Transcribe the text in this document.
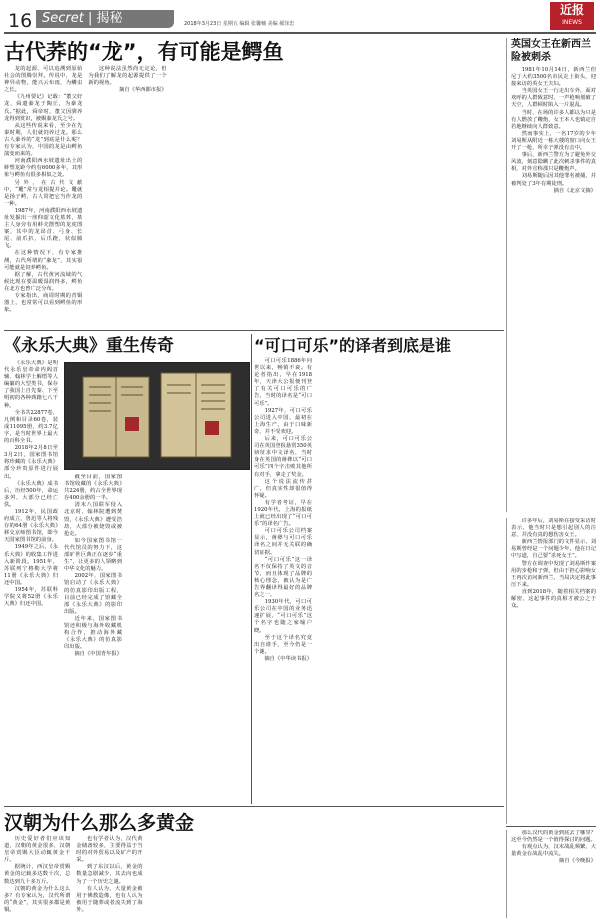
16 Secret | 揭秘	2018年3月23日 星期五 编辑 张馨楠 美编 郝泽忠
近报
INEWS
古代荞的“龙”，有可能是鳄鱼

龙的起源，可以追溯到原始社会的图腾崇拜。传说中，龙是神异动物，能兴云布雨，为鳞虫之长。

《九州要记》记载：“董父好龙，舜遣豢龙于陶丘，为豢龙氏。”据此，舜帝时，董父因驯养龙得到赏识，被赐豢龙氏之号。

从这些传说来看，至少在先秦时期，人们就饲养过龙。那么古人豢养的“龙”到底是什么呢？有专家认为，中国的龙是由鳄鱼演变而来的。

河南濮阳西水坡遗址出土的蚌塑龙距今约有6000多年，其形象与鳄鱼有很多相似之处。

另外，在古代文献中，“鼍”常与龙相提并论。鼍就是扬子鳄，古人常把它当作龙的一种。

1987年，河南濮阳西水坡遗址发掘出一座仰韶文化墓葬，墓主人身旁有用蚌壳摆塑的龙虎图案，其中的龙昂首、弓身、长尾、前爪扒、后爪蹬，状似腾飞。

在这种情况下，有专家推测，古代所谓的“豢龙”，其实很可能就是饲养鳄鱼。

据了解，古代黄河流域的气候比现在要温暖湿润得多，鳄鱼在北方也曾广泛分布。

专家指出，商周时期的青铜器上，也常常可以看到鳄鱼的形象。

这种说法虽然尚无定论，但为我们了解龙的起源提供了一个新的视角。

摘自《华西都市报》

英国女王在新西兰险被刺杀

1981年10月14日，新西兰但尼丁大约3500名市民走上街头，迎接来访的英女王夫妇。

当英国女王一行走出车外，面对欢呼的人群致意时，一声枪响划破了天空，人群顿时陷入一片混乱。

当时，在场的许多人都以为只是有人燃放了鞭炮，女王本人也镇定自若地继续向人群致意。

然而事实上，一名17岁的少年刘易斯从附近一栋大楼的窗口向女王开了一枪，所幸子弹没有击中。

事后，新西兰警方为了避免外交风波，刻意隐瞒了此次刺杀事件的真相，对外宣称那只是鞭炮声。

刘易斯随后因其他罪名被捕，并被判处了3年有期徒刑。

摘自《北京文摘》

《永乐大典》重生传奇

《永乐大典》是明代永乐皇帝命内阁首辅、翰林学士解缙等人编纂的大型类书，保存了我国上自先秦、下至明初的各种典籍七八千种。

全书共22877卷，凡例和目录60卷，装成11095册，约3.7亿字，是当时世界上最大的百科全书。

2018年2月8日至3月2日，国家图书馆将珍藏的《永乐大典》部分珍贵原件进行展出。

《永乐大典》成书后，历经500年，命运多舛，大部分已经亡佚。

1912年，民国政府成立，鲁迅等人将残存的64册《永乐大典》移交京师图书馆，即今天国家图书馆的前身。

1949年之后，《永乐大典》的收集工作进入新阶段。1951年，苏联列宁格勒大学将11册《永乐大典》归还中国。

1954年，苏联科学院又将52册《永乐大典》归还中国。

截至目前，国家图书馆收藏的《永乐大典》共224册，约占全世界现存400余册的一半。

清末八国联军侵入北京时，翰林院遭到焚毁，《永乐大典》遭受浩劫，大部分被烧毁或被抢走。

如今国家图书馆一代代馆员的努力下，这部旷世巨典正在逐步“重生”，让更多的人领略到中华文化的魅力。

2002年，国家图书馆启动了《永乐大典》的仿真影印出版工程，目前已经完成了馆藏全部《永乐大典》的影印出版。

近年来，国家图书馆还积极与海外收藏机构合作，推动海外藏《永乐大典》的仿真影印出版。

摘自《中国青年报》

“可口可乐”的译者到底是谁

可口可乐1886年问世以来，畅销不衰。有论者指出，早在1918年，天津大公报便刊登了有关可口可乐的广告，当时的译名是“可口可乐”。

1927年，可口可乐公司进入中国，最初在上海生产，由于口味新奇，并不受欢迎。

后来，可口可乐公司在英国登报悬赏350英镑征求中文译名，当时身在英国的蒋彝以“可口可乐”四个字击败其他所有对手，拿走了奖金。

这个说法流传甚广，但真实性却很值得怀疑。

有学者考证，早在1920年代，上海的报纸上就已经出现了“可口可乐”的译名广告。

可口可乐公司档案显示，蒋彝与可口可乐译名之间并无关联的确切证据。

“可口可乐”这一译名不仅保持了英文的音节，而且体现了品牌的核心理念，被认为是广告界翻译得最好的品牌名之一。

1930年代，可口可乐公司在中国的业务迅速扩展，“可口可乐”这个名字也随之家喻户晓。

至于这个译名究竟出自谁手，至今仍是一个谜。

摘自《中华读书报》

汉朝为什么那么多黄金

历史爱好者们应该知道，汉朝的黄金很多，汉朝皇帝赏赐大臣动辄黄金千斤。

据统计，西汉皇帝赏赐黄金的记载多达数十次，总数达到九十多万斤。

汉朝的黄金为什么这么多？有专家认为，汉代所谓的“黄金”，其实很多都是黄铜。

也有学者认为，汉代黄金储备较多，主要得益于当时的对外贸易以及矿产的开采。

到了东汉以后，黄金的数量急剧减少，其去向也成为了一个历史之谜。

有人认为，大量黄金被用于佛教造像，也有人认为被用于随葬或者流失到了海外。

许多年后，刘易斯在接受采访时表示，他当时只是想引起别人的注意，并没有真的想伤害女王。

新西兰情报部门的文件显示，刘易斯曾经是一个问题少年，他在日记中写道，自己要“杀死女王”。

警方在调查中发现了刘易斯作案用的步枪和子弹，但由于担心影响女王再次访问新西兰，当局决定将此事压下来。

直到2018年，随着相关档案的解密，这起事件的真相才被公之于众。

那么汉代的黄金到底去了哪里？这至今仍然是一个值得探讨的问题。

有观点认为，汉末战乱频繁，大量黄金在战乱中流失。

摘自《今晚报》
